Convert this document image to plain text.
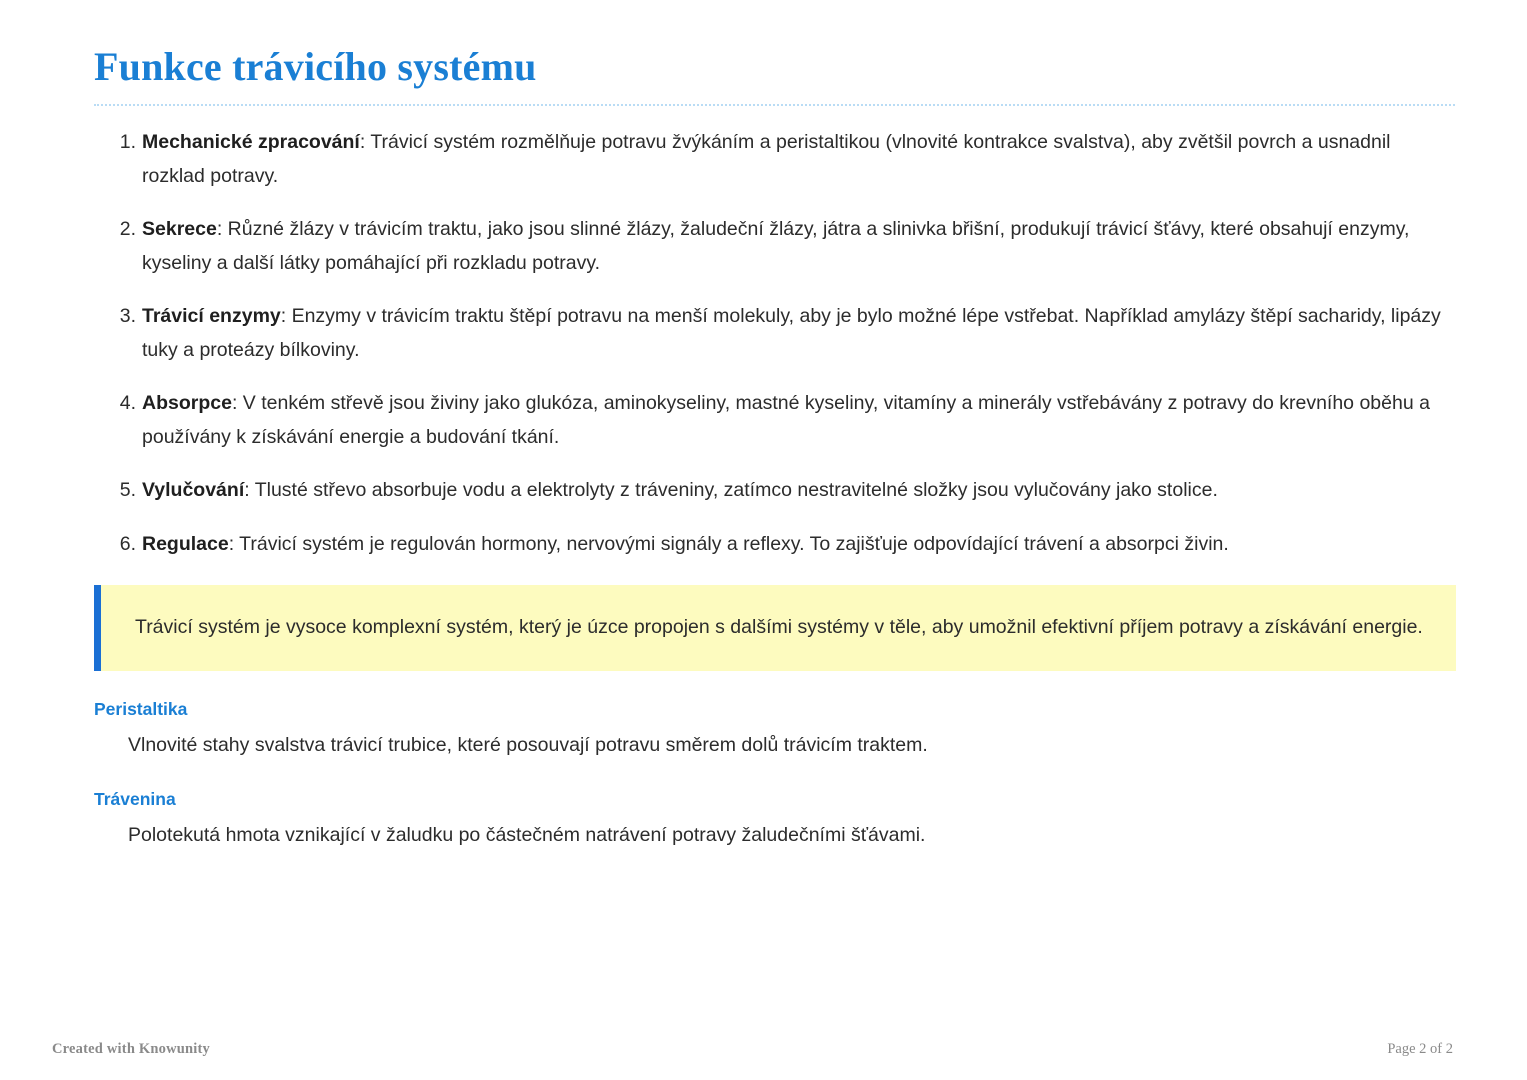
Funkce trávicího systému
1. Mechanické zpracování: Trávicí systém rozmělňuje potravu žvýkáním a peristaltikou (vlnovité kontrakce svalstva), aby zvětšil povrch a usnadnil rozklad potravy.
2. Sekrece: Různé žlázy v trávicím traktu, jako jsou slinné žlázy, žaludeční žlázy, játra a slinivka břišní, produkují trávicí šťávy, které obsahují enzymy, kyseliny a další látky pomáhající při rozkladu potravy.
3. Trávicí enzymy: Enzymy v trávicím traktu štěpí potravu na menší molekuly, aby je bylo možné lépe vstřebat. Například amylázy štěpí sacharidy, lipázy tuky a proteázy bílkoviny.
4. Absorpce: V tenkém střevě jsou živiny jako glukóza, aminokyseliny, mastné kyseliny, vitamíny a minerály vstřebávány z potravy do krevního oběhu a používány k získávání energie a budování tkání.
5. Vylučování: Tlusté střevo absorbuje vodu a elektrolyty z tráveniny, zatímco nestravitelné složky jsou vylučovány jako stolice.
6. Regulace: Trávicí systém je regulován hormony, nervovými signály a reflexy. To zajišťuje odpovídající trávení a absorpci živin.
Trávicí systém je vysoce komplexní systém, který je úzce propojen s dalšími systémy v těle, aby umožnil efektivní příjem potravy a získávání energie.
Peristaltika

Vlnovité stahy svalstva trávicí trubice, které posouvají potravu směrem dolů trávicím traktem.

Trávenina

Polotekutá hmota vznikající v žaludku po částečném natrávení potravy žaludečními šťávami.

Created with Knowunity	Page 2 of 2
